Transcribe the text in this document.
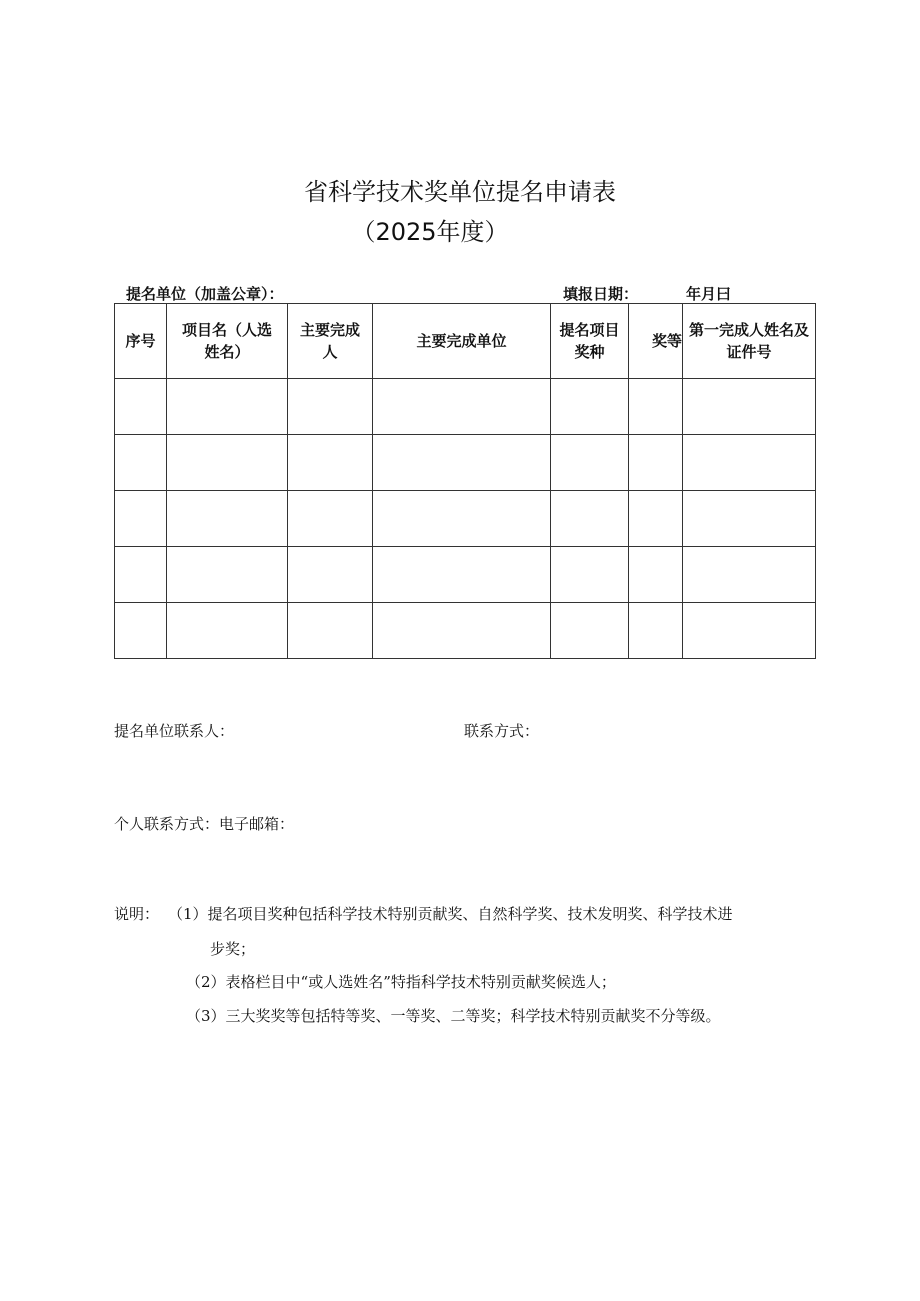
省科学技术奖单位提名申请表
（2025年度）
提名单位（加盖公章）：	填报日期：	年月曰
序号	项目名（人选姓名）	主要完成人	主要完成单位	提名项目奖种	奖等	第一完成人姓名及证件号

提名单位联系人：	联系方式：
个人联系方式：电子邮箱：
说明： （1）提名项目奖种包括科学技术特别贡献奖、自然科学奖、技术发明奖、科学技术进
步奖；
（2）表格栏目中“或人选姓名”特指科学技术特别贡献奖候选人；
（3）三大奖奖等包括特等奖、一等奖、二等奖；科学技术特别贡献奖不分等级。
